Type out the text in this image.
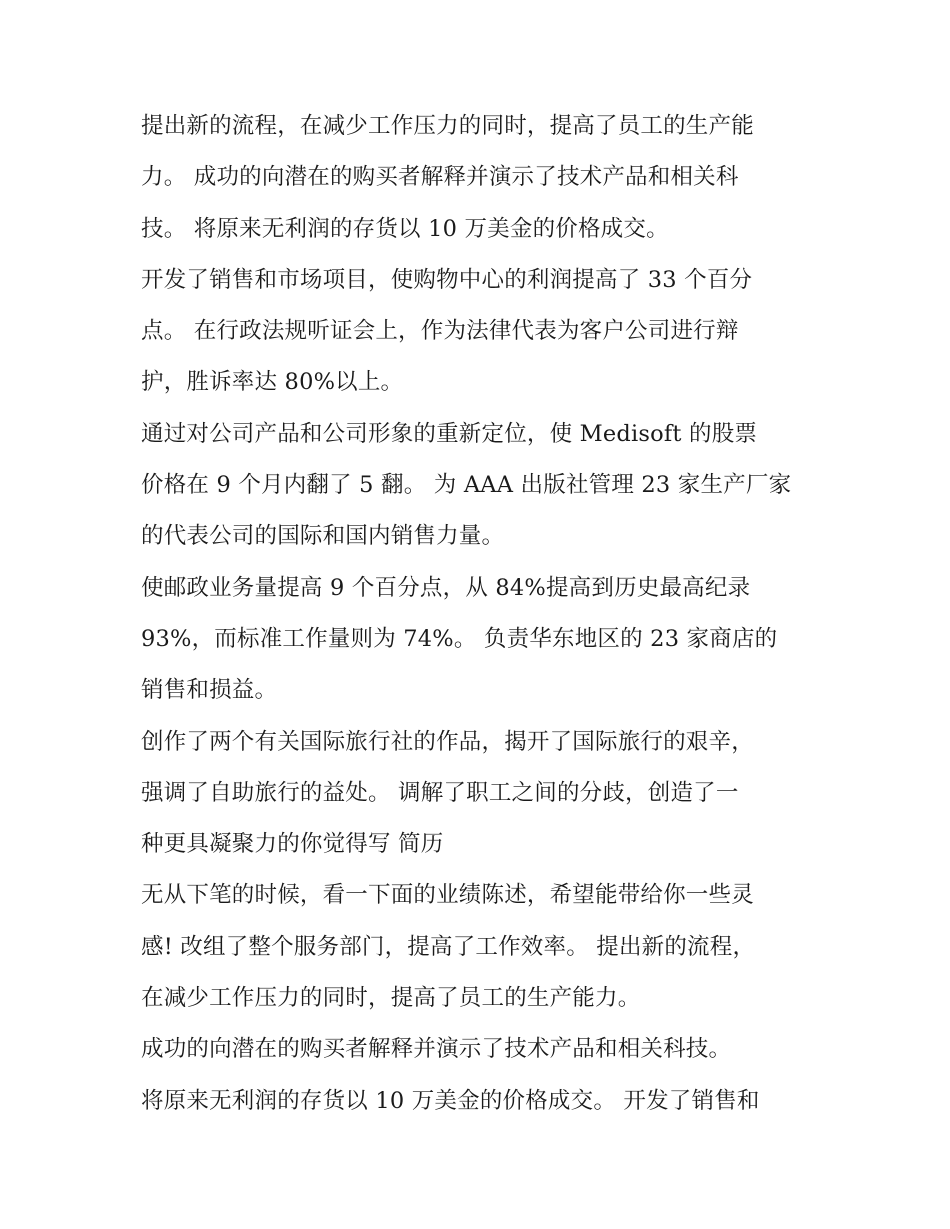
提出新的流程，在减少工作压力的同时，提高了员工的生产能
力。 成功的向潜在的购买者解释并演示了技术产品和相关科
技。 将原来无利润的存货以 10 万美金的价格成交。

开发了销售和市场项目，使购物中心的利润提高了 33 个百分
点。 在行政法规听证会上，作为法律代表为客户公司进行辩
护，胜诉率达 80%以上。

通过对公司产品和公司形象的重新定位，使 Medisoft 的股票
价格在 9 个月内翻了 5 翻。 为 AAA 出版社管理 23 家生产厂家
的代表公司的国际和国内销售力量。

使邮政业务量提高 9 个百分点，从 84%提高到历史最高纪录
93%，而标准工作量则为 74%。 负责华东地区的 23 家商店的
销售和损益。

创作了两个有关国际旅行社的作品，揭开了国际旅行的艰辛，
强调了自助旅行的益处。 调解了职工之间的分歧，创造了一
种更具凝聚力的你觉得写 简历

无从下笔的时候，看一下面的业绩陈述，希望能带给你一些灵
感! 改组了整个服务部门，提高了工作效率。 提出新的流程，
在减少工作压力的同时，提高了员工的生产能力。

成功的向潜在的购买者解释并演示了技术产品和相关科技。

将原来无利润的存货以 10 万美金的价格成交。 开发了销售和
